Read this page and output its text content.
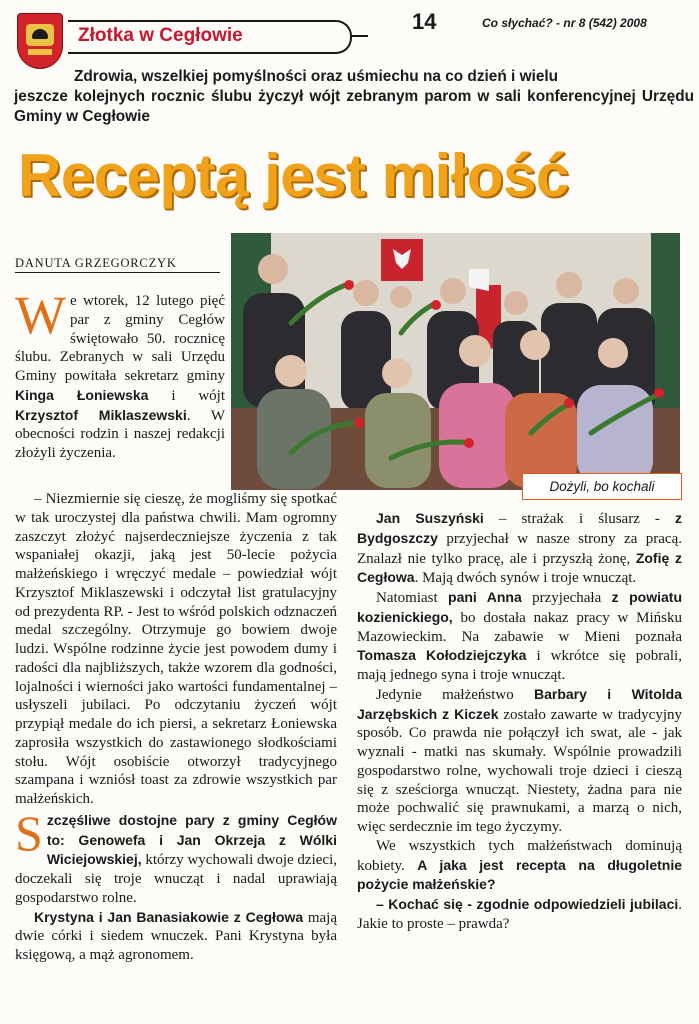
Złotka w Cegłowie
14	Co słychać? - nr 8 (542) 2008
Zdrowia, wszelkiej pomyślności oraz uśmiechu na co dzień i wielu
jeszcze kolejnych rocznic ślubu życzył wójt zebranym parom w sali konferencyjnej Urzędu Gminy w Cegłowie
Receptą jest miłość
DANUTA GRZEGORCZYK
Dożyli, bo kochali

We wtorek, 12 lutego pięć par z gminy Cegłów świętowało 50. rocznicę ślubu. Zebranych w sali Urzędu Gminy powitała sekretarz gminy Kinga Łoniewska i wójt Krzysztof Miklaszewski. W obecności rodzin i naszej redakcji złożyli życzenia.

– Niezmiernie się cieszę, że mogliśmy się spotkać w tak uroczystej dla państwa chwili. Mam ogromny zaszczyt złożyć najserdeczniejsze życzenia z tak wspaniałej okazji, jaką jest 50-lecie pożycia małżeńskiego i wręczyć medale – powiedział wójt Krzysztof Miklaszewski i odczytał list gratulacyjny od prezydenta RP. - Jest to wśród polskich odznaczeń medal szczególny. Otrzymuje go bowiem dwoje ludzi. Wspólne rodzinne życie jest powodem dumy i radości dla najbliższych, także wzorem dla godności, lojalności i wierności jako wartości fundamentalnej – usłyszeli jubilaci. Po odczytaniu życzeń wójt przypiął medale do ich piersi, a sekretarz Łoniewska zaprosiła wszystkich do zastawionego słodkościami stołu. Wójt osobiście otworzył tradycyjnego szampana i wzniósł toast za zdrowie wszystkich par małżeńskich.

Szczęśliwe dostojne pary z gminy Cegłów to: Genowefa i Jan Okrzeja z Wólki Wiciejowskiej, którzy wychowali dwoje dzieci, doczekali się troje wnucząt i nadal uprawiają gospodarstwo rolne.

Krystyna i Jan Banasiakowie z Cegłowa mają dwie córki i siedem wnuczek. Pani Krystyna była księgową, a mąż agronomem.

Jan Suszyński – strażak i ślusarz - z Bydgoszczy przyjechał w nasze strony za pracą. Znalazł nie tylko pracę, ale i przyszłą żonę, Zofię z Cegłowa. Mają dwóch synów i troje wnucząt.

Natomiast pani Anna przyjechała z powiatu kozienickiego, bo dostała nakaz pracy w Mińsku Mazowieckim. Na zabawie w Mieni poznała Tomasza Kołodziejczyka i wkrótce się pobrali, mają jednego syna i troje wnucząt.

Jedynie małżeństwo Barbary i Witolda Jarzębskich z Kiczek zostało zawarte w tradycyjny sposób. Co prawda nie połączył ich swat, ale - jak wyznali - matki nas skumały. Wspólnie prowadzili gospodarstwo rolne, wychowali troje dzieci i cieszą się z sześciorga wnucząt. Niestety, żadna para nie może pochwalić się prawnukami, a marzą o nich, więc serdecznie im tego życzymy.

We wszystkich tych małżeństwach dominują kobiety. A jaka jest recepta na długoletnie pożycie małżeńskie?

– Kochać się - zgodnie odpowiedzieli jubilaci. Jakie to proste – prawda?
